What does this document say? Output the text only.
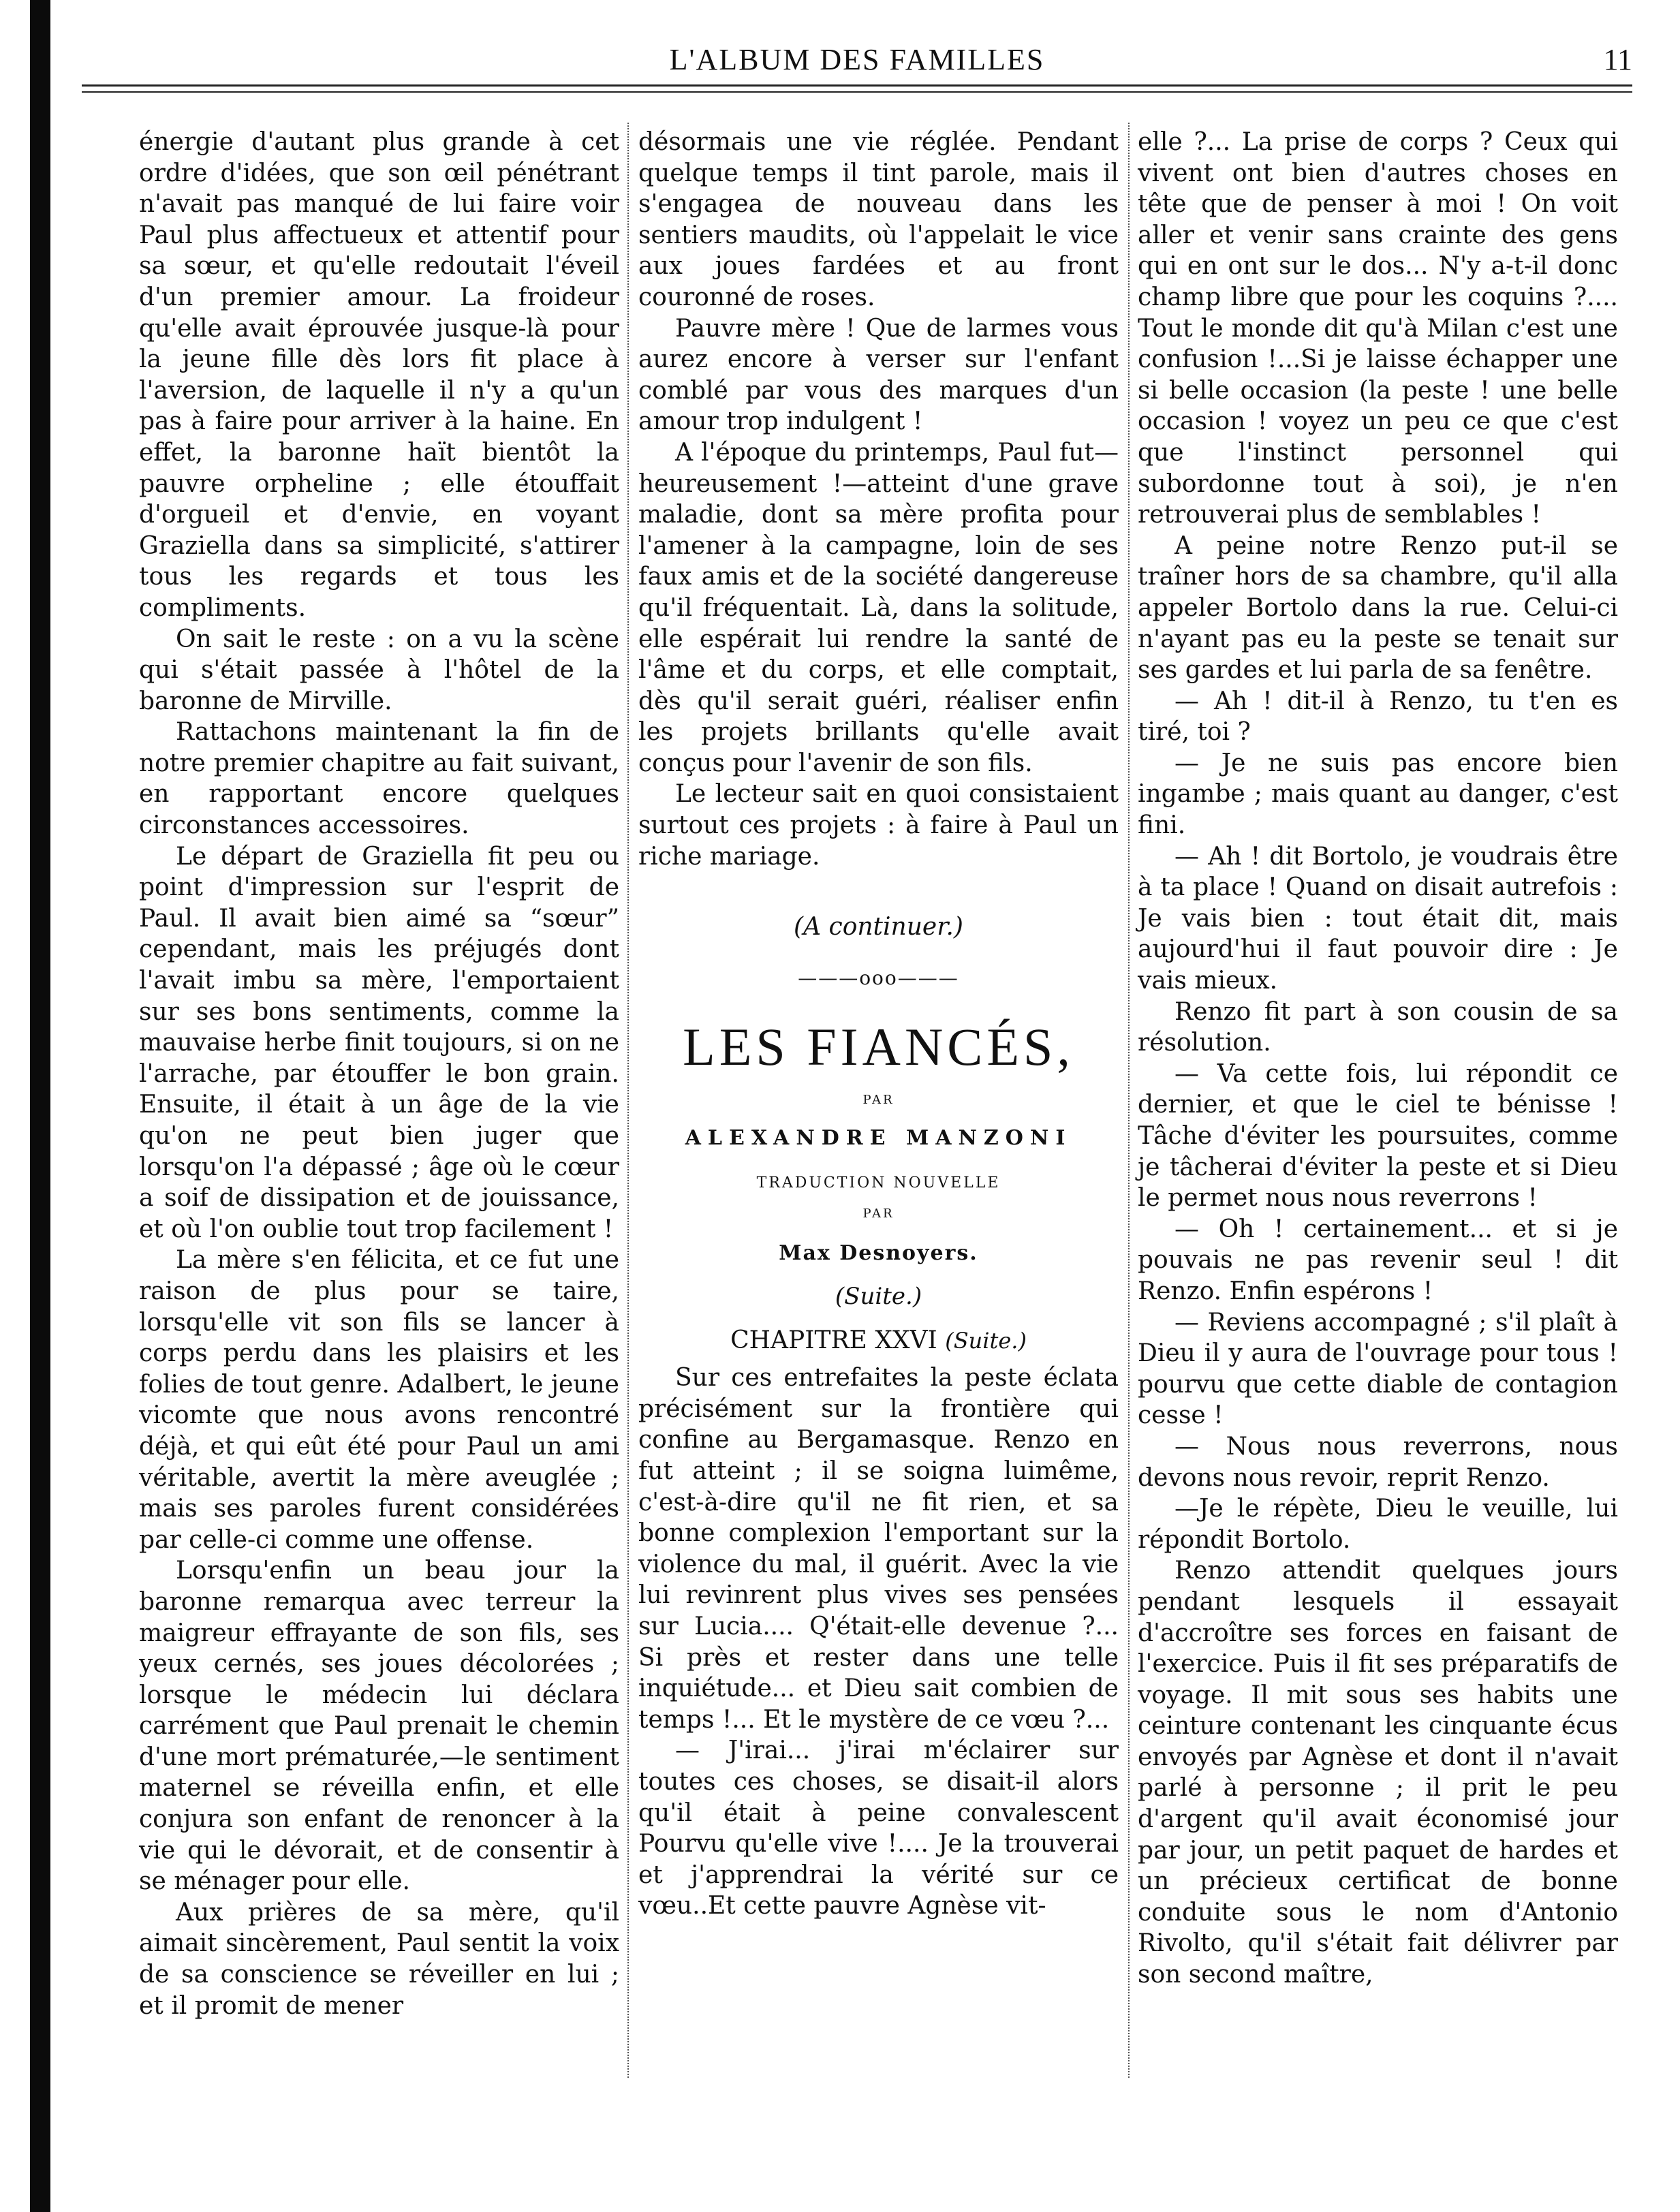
L'ALBUM DES FAMILLES	11

énergie d'autant plus grande à cet ordre d'idées, que son œil pénétrant n'avait pas manqué de lui faire voir Paul plus affectueux et attentif pour sa sœur, et qu'elle redoutait l'éveil d'un premier amour. La froideur qu'elle avait éprouvée jusque-là pour la jeune fille dès lors fit place à l'aversion, de laquelle il n'y a qu'un pas à faire pour arriver à la haine. En effet, la baronne haït bientôt la pauvre orpheline ; elle étouffait d'orgueil et d'envie, en voyant Graziella dans sa simplicité, s'attirer tous les regards et tous les compliments.

On sait le reste : on a vu la scène qui s'était passée à l'hôtel de la baronne de Mirville.

Rattachons maintenant la fin de notre premier chapitre au fait suivant, en rapportant encore quelques circonstances accessoires.

Le départ de Graziella fit peu ou point d'impression sur l'esprit de Paul. Il avait bien aimé sa “sœur” cependant, mais les préjugés dont l'avait imbu sa mère, l'emportaient sur ses bons sentiments, comme la mauvaise herbe finit toujours, si on ne l'arrache, par étouffer le bon grain. Ensuite, il était à un âge de la vie qu'on ne peut bien juger que lorsqu'on l'a dépassé ; âge où le cœur a soif de dissipation et de jouissance, et où l'on oublie tout trop facilement !

La mère s'en félicita, et ce fut une raison de plus pour se taire, lorsqu'elle vit son fils se lancer à corps perdu dans les plaisirs et les folies de tout genre. Adalbert, le jeune vicomte que nous avons rencontré déjà, et qui eût été pour Paul un ami véritable, avertit la mère aveuglée ; mais ses paroles furent considérées par celle-ci comme une offense.

Lorsqu'enfin un beau jour la baronne remarqua avec terreur la maigreur effrayante de son fils, ses yeux cernés, ses joues décolorées ; lorsque le médecin lui déclara carrément que Paul prenait le chemin d'une mort prématurée,—le sentiment maternel se réveilla enfin, et elle conjura son enfant de renoncer à la vie qui le dévorait, et de consentir à se ménager pour elle.

Aux prières de sa mère, qu'il aimait sincèrement, Paul sentit la voix de sa conscience se réveiller en lui ; et il promit de mener

désormais une vie réglée. Pendant quelque temps il tint parole, mais il s'engagea de nouveau dans les sentiers maudits, où l'appelait le vice aux joues fardées et au front couronné de roses.

Pauvre mère ! Que de larmes vous aurez encore à verser sur l'enfant comblé par vous des marques d'un amour trop indulgent !

A l'époque du printemps, Paul fut—heureusement !—atteint d'une grave maladie, dont sa mère profita pour l'amener à la campagne, loin de ses faux amis et de la société dangereuse qu'il fréquentait. Là, dans la solitude, elle espérait lui rendre la santé de l'âme et du corps, et elle comptait, dès qu'il serait guéri, réaliser enfin les projets brillants qu'elle avait conçus pour l'avenir de son fils.

Le lecteur sait en quoi consistaient surtout ces projets : à faire à Paul un riche mariage.

(A continuer.)
———ooo———
LES FIANCÉS,
PAR
ALEXANDRE MANZONI
TRADUCTION NOUVELLE
PAR
Max Desnoyers.
(Suite.)
CHAPITRE XXVI (Suite.)

Sur ces entrefaites la peste éclata précisément sur la frontière qui confine au Bergamasque. Renzo en fut atteint ; il se soigna luimême, c'est-à-dire qu'il ne fit rien, et sa bonne complexion l'emportant sur la violence du mal, il guérit. Avec la vie lui revinrent plus vives ses pensées sur Lucia.... Q'était-elle devenue ?... Si près et rester dans une telle inquiétude... et Dieu sait combien de temps !... Et le mystère de ce vœu ?...

— J'irai... j'irai m'éclairer sur toutes ces choses, se disait-il alors qu'il était à peine convalescent Pourvu qu'elle vive !.... Je la trouverai et j'apprendrai la vérité sur ce vœu..Et cette pauvre Agnèse vit-

elle ?... La prise de corps ? Ceux qui vivent ont bien d'autres choses en tête que de penser à moi ! On voit aller et venir sans crainte des gens qui en ont sur le dos... N'y a-t-il donc champ libre que pour les coquins ?.... Tout le monde dit qu'à Milan c'est une confusion !...Si je laisse échapper une si belle occasion (la peste ! une belle occasion ! voyez un peu ce que c'est que l'instinct personnel qui subordonne tout à soi), je n'en retrouverai plus de semblables !

A peine notre Renzo put-il se traîner hors de sa chambre, qu'il alla appeler Bortolo dans la rue. Celui-ci n'ayant pas eu la peste se tenait sur ses gardes et lui parla de sa fenêtre.

— Ah ! dit-il à Renzo, tu t'en es tiré, toi ?

— Je ne suis pas encore bien ingambe ; mais quant au danger, c'est fini.

— Ah ! dit Bortolo, je voudrais être à ta place ! Quand on disait autrefois : Je vais bien : tout était dit, mais aujourd'hui il faut pouvoir dire : Je vais mieux.

Renzo fit part à son cousin de sa résolution.

— Va cette fois, lui répondit ce dernier, et que le ciel te bénisse ! Tâche d'éviter les poursuites, comme je tâcherai d'éviter la peste et si Dieu le permet nous nous reverrons !

— Oh ! certainement... et si je pouvais ne pas revenir seul ! dit Renzo. Enfin espérons !

— Reviens accompagné ; s'il plaît à Dieu il y aura de l'ouvrage pour tous ! pourvu que cette diable de contagion cesse !

— Nous nous reverrons, nous devons nous revoir, reprit Renzo.

—Je le répète, Dieu le veuille, lui répondit Bortolo.

Renzo attendit quelques jours pendant lesquels il essayait d'accroître ses forces en faisant de l'exercice. Puis il fit ses préparatifs de voyage. Il mit sous ses habits une ceinture contenant les cinquante écus envoyés par Agnèse et dont il n'avait parlé à personne ; il prit le peu d'argent qu'il avait économisé jour par jour, un petit paquet de hardes et un précieux certificat de bonne conduite sous le nom d'Antonio Rivolto, qu'il s'était fait délivrer par son second maître,
